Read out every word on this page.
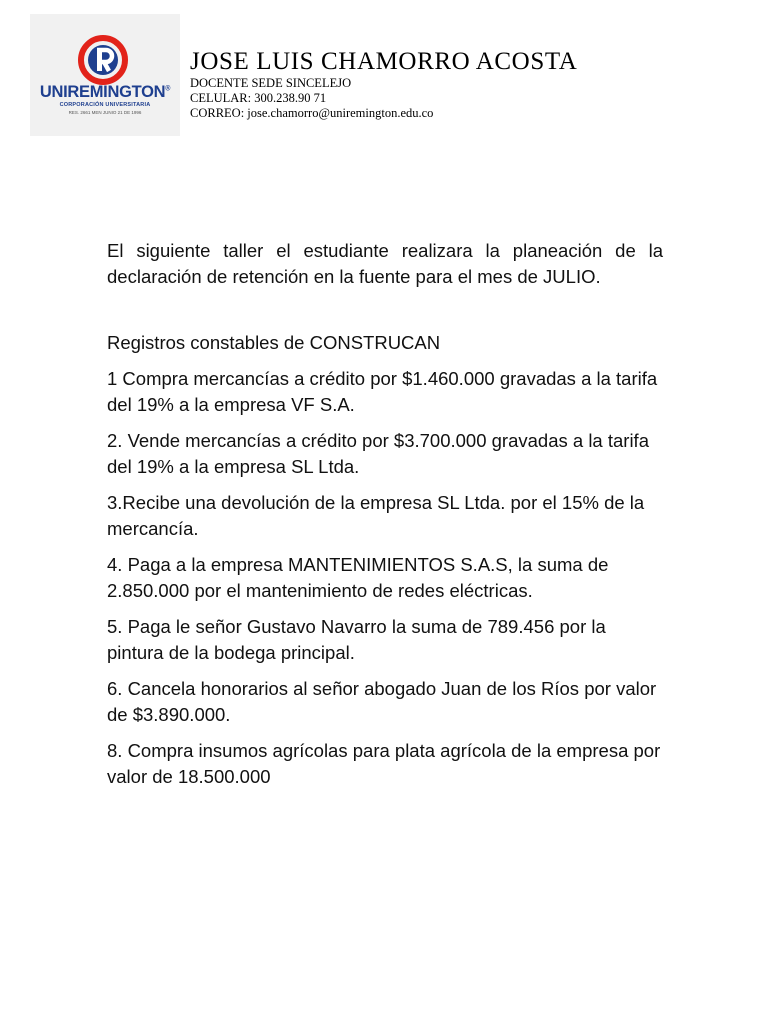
UNIREMINGTON®
CORPORACIÓN UNIVERSITARIA
RES. 2661 MEN JUNIO 21 DE 1996
JOSE LUIS CHAMORRO ACOSTA
DOCENTE SEDE SINCELEJO
CELULAR: 300.238.90 71
CORREO: jose.chamorro@uniremington.edu.co

El siguiente taller el estudiante realizara la planeación de la declaración de retención en la fuente para el mes de JULIO.

Registros constables de CONSTRUCAN

1 Compra mercancías a crédito por $1.460.000 gravadas a la tarifa del 19% a la empresa VF S.A.
2. Vende mercancías a crédito por $3.700.000 gravadas a la tarifa del 19% a la empresa SL Ltda.
3.Recibe una devolución de la empresa SL Ltda. por el 15% de la mercancía.
4. Paga a la empresa MANTENIMIENTOS S.A.S, la suma de 2.850.000 por el mantenimiento de redes eléctricas.
5. Paga le señor Gustavo Navarro la suma de 789.456 por la pintura de la bodega principal.
6. Cancela honorarios al señor abogado Juan de los Ríos por valor de $3.890.000.
8. Compra insumos agrícolas para plata agrícola de la empresa por valor de 18.500.000
